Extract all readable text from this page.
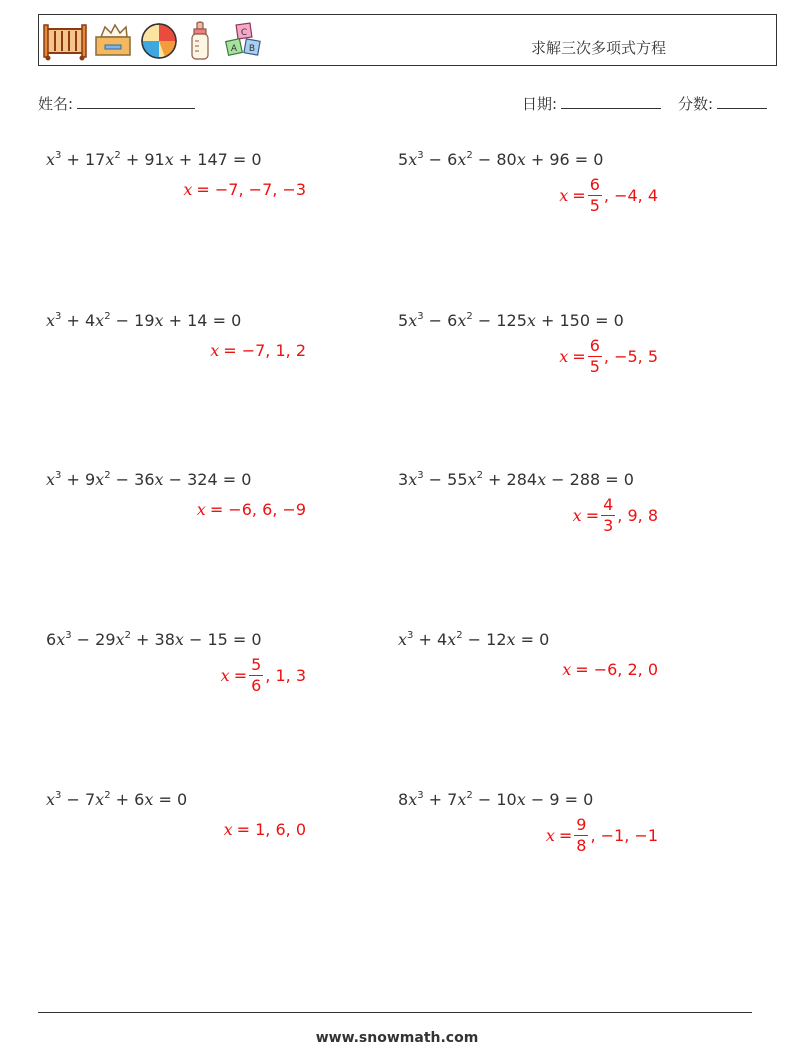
C
A B	求解三次多项式方程
姓名:	日期:	分数:
$x^3 + 17x^2 + 91x + 147 = 0$
x = −7, −7, −3
$5x^3 - 6x^2 - 80x + 96 = 0$
$x = \frac{6}{5}$ , −4, 4
$x^3 + 4x^2 - 19x + 14 = 0$
x = −7, 1, 2
$5x^3 - 6x^2 - 125x + 150 = 0$
$x = \frac{6}{5}$ , −5, 5
$x^3 + 9x^2 - 36x - 324 = 0$
x = −6, 6, −9
$3x^3 - 55x^2 + 284x - 288 = 0$
$x = \frac{4}{3}$ , 9, 8
$6x^3 - 29x^2 + 38x - 15 = 0$
$x = \frac{5}{6}$ , 1, 3
$x^3 + 4x^2 - 12x = 0$
x = −6, 2, 0
$x^3 - 7x^2 + 6x = 0$
x = 1, 6, 0
$8x^3 + 7x^2 - 10x - 9 = 0$
$x = \frac{9}{8}$ , −1, −1
www.snowmath.com
